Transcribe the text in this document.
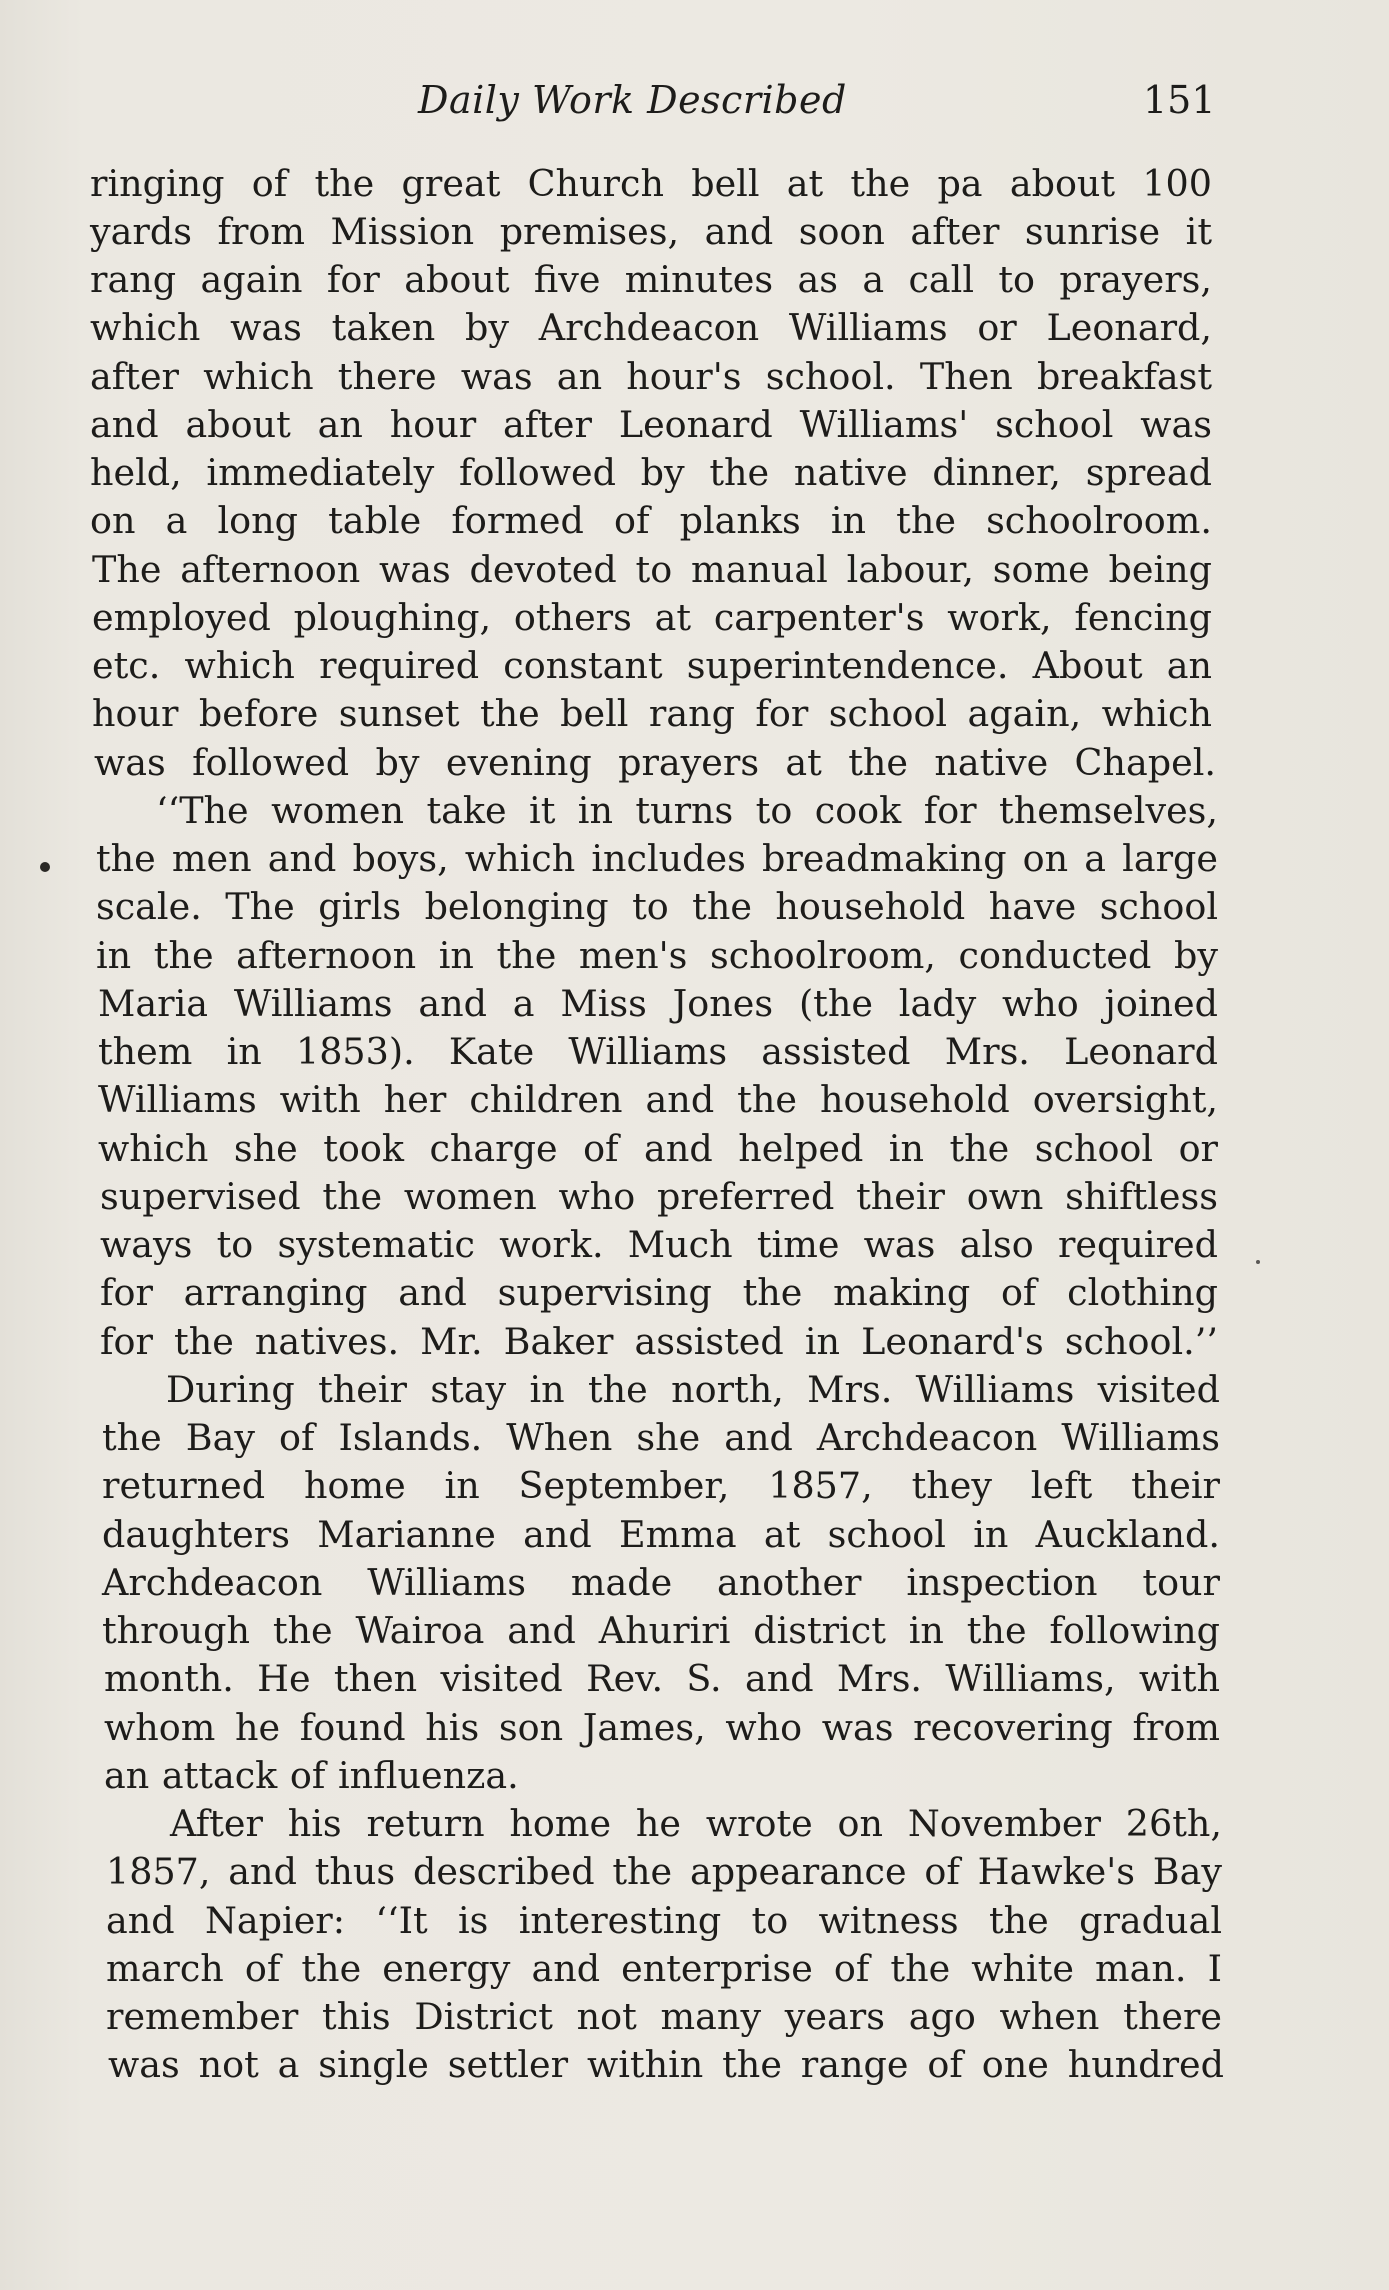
Daily Work Described	151
ringing of the great Church bell at the pa about 100
yards from Mission premises, and soon after sunrise it
rang again for about five minutes as a call to prayers,
which was taken by Archdeacon Williams or Leonard,
after which there was an hour's school. Then breakfast
and about an hour after Leonard Williams' school was
held, immediately followed by the native dinner, spread
on a long table formed of planks in the schoolroom.
The afternoon was devoted to manual labour, some being
employed ploughing, others at carpenter's work, fencing
etc. which required constant superintendence. About an
hour before sunset the bell rang for school again, which
was followed by evening prayers at the native Chapel.
‘‘The women take it in turns to cook for themselves,
the men and boys, which includes breadmaking on a large
scale. The girls belonging to the household have school
in the afternoon in the men's schoolroom, conducted by
Maria Williams and a Miss Jones (the lady who joined
them in 1853). Kate Williams assisted Mrs. Leonard
Williams with her children and the household oversight,
which she took charge of and helped in the school or
supervised the women who preferred their own shiftless
ways to systematic work. Much time was also required
for arranging and supervising the making of clothing
for the natives. Mr. Baker assisted in Leonard's school.’’
During their stay in the north, Mrs. Williams visited
the Bay of Islands. When she and Archdeacon Williams
returned home in September, 1857, they left their
daughters Marianne and Emma at school in Auckland.
Archdeacon Williams made another inspection tour
through the Wairoa and Ahuriri district in the following
month. He then visited Rev. S. and Mrs. Williams, with
whom he found his son James, who was recovering from
an attack of influenza.
After his return home he wrote on November 26th,
1857, and thus described the appearance of Hawke's Bay
and Napier: ‘‘It is interesting to witness the gradual
march of the energy and enterprise of the white man. I
remember this District not many years ago when there
was not a single settler within the range of one hundred
